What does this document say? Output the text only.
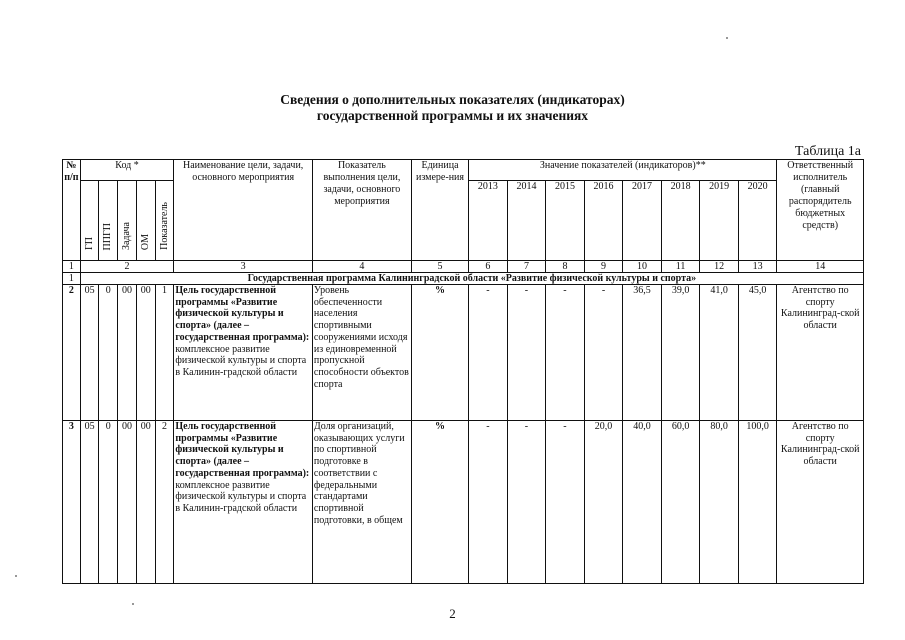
Сведения о дополнительных показателях (индикаторах)
государственной программы и их значениях
Таблица 1а
№ п/п	Код *					Наименование цели, задачи, основного мероприятия	Показатель выполнения цели, задачи, основного мероприятия	Единица измере-ния	Значение показателей (индикаторов)**								Ответственный исполнитель (главный распорядитель бюджетных средств)
	ГП	ППГП	Задача	ОМ	Показатель				2013	2014	2015	2016	2017	2018	2019	2020	
1	2					3	4	5	6	7	8	9	10	11	12	13	14
1	Государственная программа Калининградской области «Развитие физической культуры и спорта»																
2	05	0	00	00	1	Цель государственной программы «Развитие физической культуры и спорта» (далее – государственная программа): комплексное развитие физической культуры и спорта в Калинин-градской области	Уровень обеспеченности населения спортивными сооружениями исходя из единовременной пропускной способности объектов спорта	%	-	-	-	-	36,5	39,0	41,0	45,0	Агентство по спорту Калининград-ской области
3	05	0	00	00	2	Цель государственной программы «Развитие физической культуры и спорта» (далее – государственная программа): комплексное развитие физической культуры и спорта в Калинин-градской области	Доля организаций, оказывающих услуги по спортивной подготовке в соответствии с федеральными стандартами спортивной подготовки, в общем	%	-	-	-	20,0	40,0	60,0	80,0	100,0	Агентство по спорту Калининград-ской области
2
